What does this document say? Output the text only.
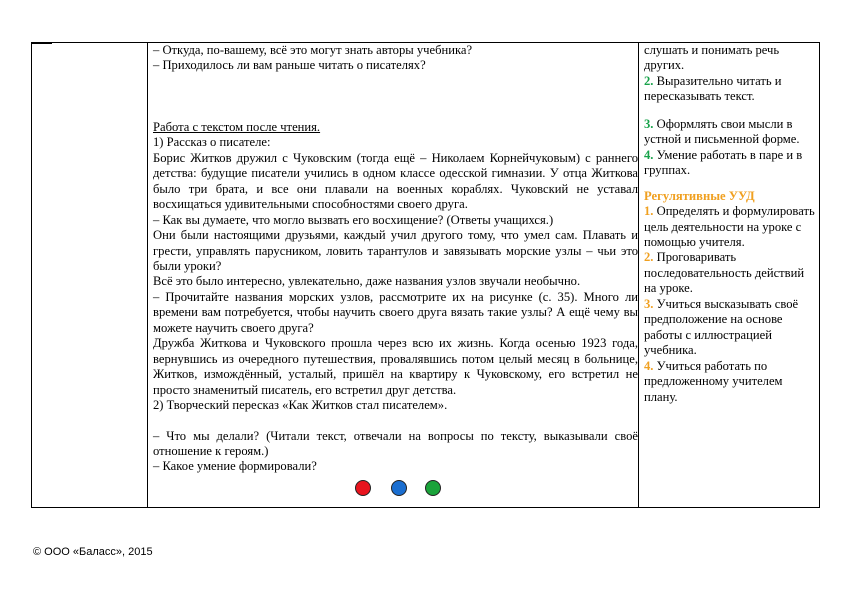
– Откуда, по-вашему, всё это могут знать авторы учебника?

– Приходилось ли вам раньше читать о писателях?

Работа с текстом после чтения.

1) Рассказ о писателе:

Борис Житков дружил с Чуковским (тогда ещё – Николаем Корнейчуковым) с раннего детства: будущие писатели учились в одном классе одесской гимназии. У отца Житкова было три брата, и все они плавали на военных кораблях. Чуковский не уставал восхищаться удивительными способностями своего друга.

– Как вы думаете, что могло вызвать его восхищение? (Ответы учащихся.)

Они были настоящими друзьями, каждый учил другого тому, что умел сам. Плавать и грести, управлять парусником, ловить тарантулов и завязывать морские узлы – чьи это были уроки?

Всё это было интересно, увлекательно, даже названия узлов звучали необычно.

– Прочитайте названия морских узлов, рассмотрите их на рисунке (с. 35). Много ли времени вам потребуется, чтобы научить своего друга вязать такие узлы? А ещё чему вы можете научить своего друга?

Дружба Житкова и Чуковского прошла через всю их жизнь. Когда осенью 1923 года, вернувшись из очередного путешествия, провалявшись потом целый месяц в больнице, Житков, измождённый, усталый, пришёл на квартиру к Чуковскому, его встретил не просто знаменитый писатель, его встретил друг детства.

2) Творческий пересказ «Как Житков стал писателем».

– Что мы делали? (Читали текст, отвечали на вопросы по тексту, выказывали своё отношение к героям.)

– Какое умение формировали?

слушать и понимать речь других.

2. Выразительно читать и пересказывать текст.

3. Оформлять свои мысли в устной и письменной форме.

4. Умение работать в паре и в группах.

Регулятивные УУД

1. Определять и формулировать цель деятельности на уроке с помощью учителя.

2. Проговаривать последовательность действий на уроке.

3. Учиться высказывать своё предположение на основе работы с иллюстрацией учебника.

4. Учиться работать по предложенному учителем плану.

© ООО «Баласс», 2015
